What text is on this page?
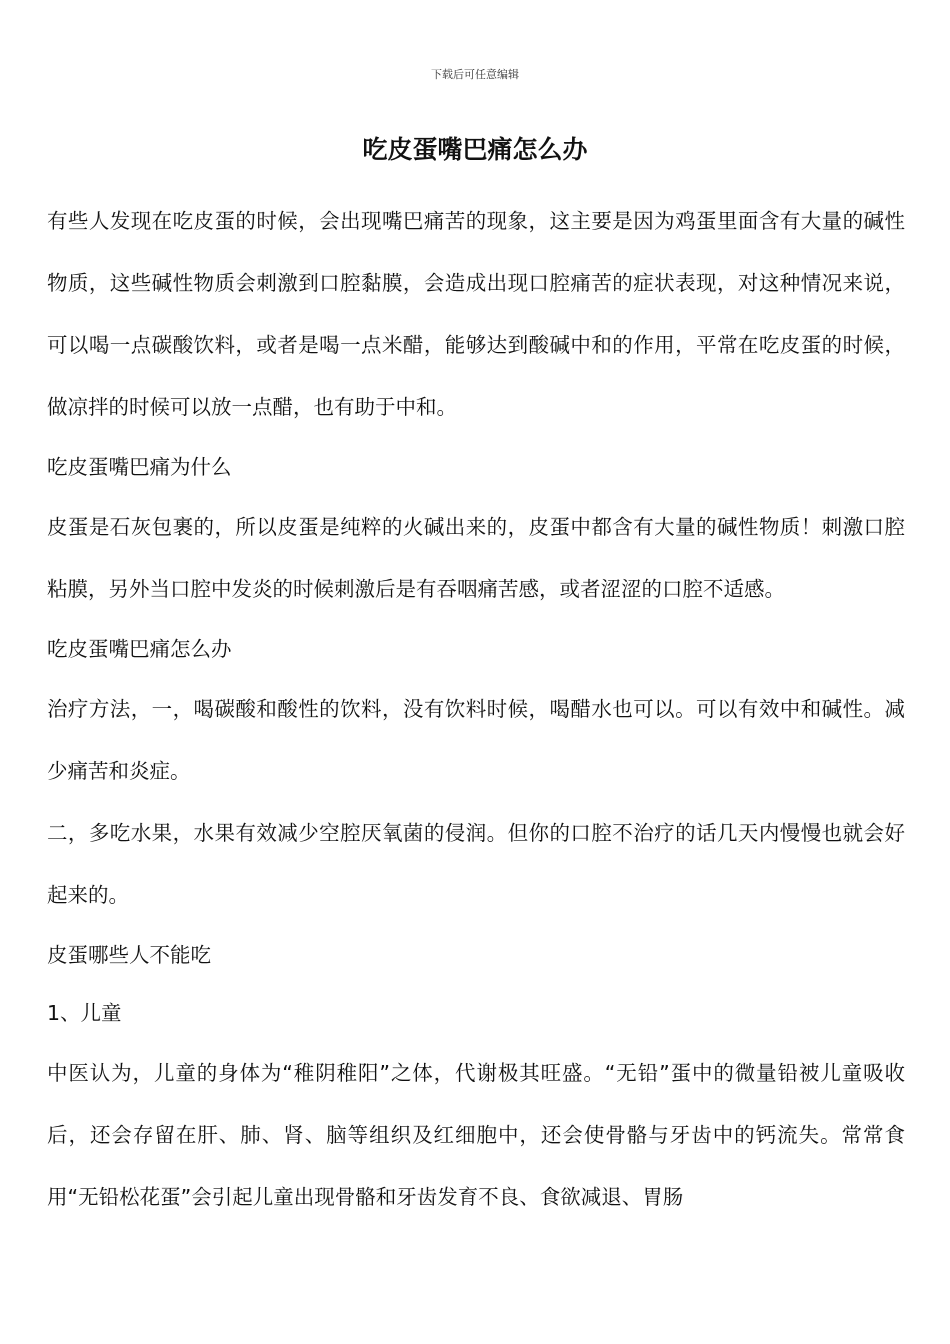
下载后可任意编辑
吃皮蛋嘴巴痛怎么办

有些人发现在吃皮蛋的时候，会出现嘴巴痛苦的现象，这主要是因为鸡蛋里面含有大量的碱性物质，这些碱性物质会刺激到口腔黏膜，会造成出现口腔痛苦的症状表现，对这种情况来说，可以喝一点碳酸饮料，或者是喝一点米醋，能够达到酸碱中和的作用，平常在吃皮蛋的时候，做凉拌的时候可以放一点醋，也有助于中和。

吃皮蛋嘴巴痛为什么

皮蛋是石灰包裹的，所以皮蛋是纯粹的火碱出来的，皮蛋中都含有大量的碱性物质！刺激口腔粘膜，另外当口腔中发炎的时候刺激后是有吞咽痛苦感，或者涩涩的口腔不适感。

吃皮蛋嘴巴痛怎么办

治疗方法，一，喝碳酸和酸性的饮料，没有饮料时候，喝醋水也可以。可以有效中和碱性。减少痛苦和炎症。

二，多吃水果，水果有效减少空腔厌氧菌的侵润。但你的口腔不治疗的话几天内慢慢也就会好起来的。

皮蛋哪些人不能吃

1、儿童

中医认为，儿童的身体为“稚阴稚阳”之体，代谢极其旺盛。“无铅”蛋中的微量铅被儿童吸收后，还会存留在肝、肺、肾、脑等组织及红细胞中，还会使骨骼与牙齿中的钙流失。常常食用“无铅松花蛋”会引起儿童出现骨骼和牙齿发育不良、食欲减退、胃肠
